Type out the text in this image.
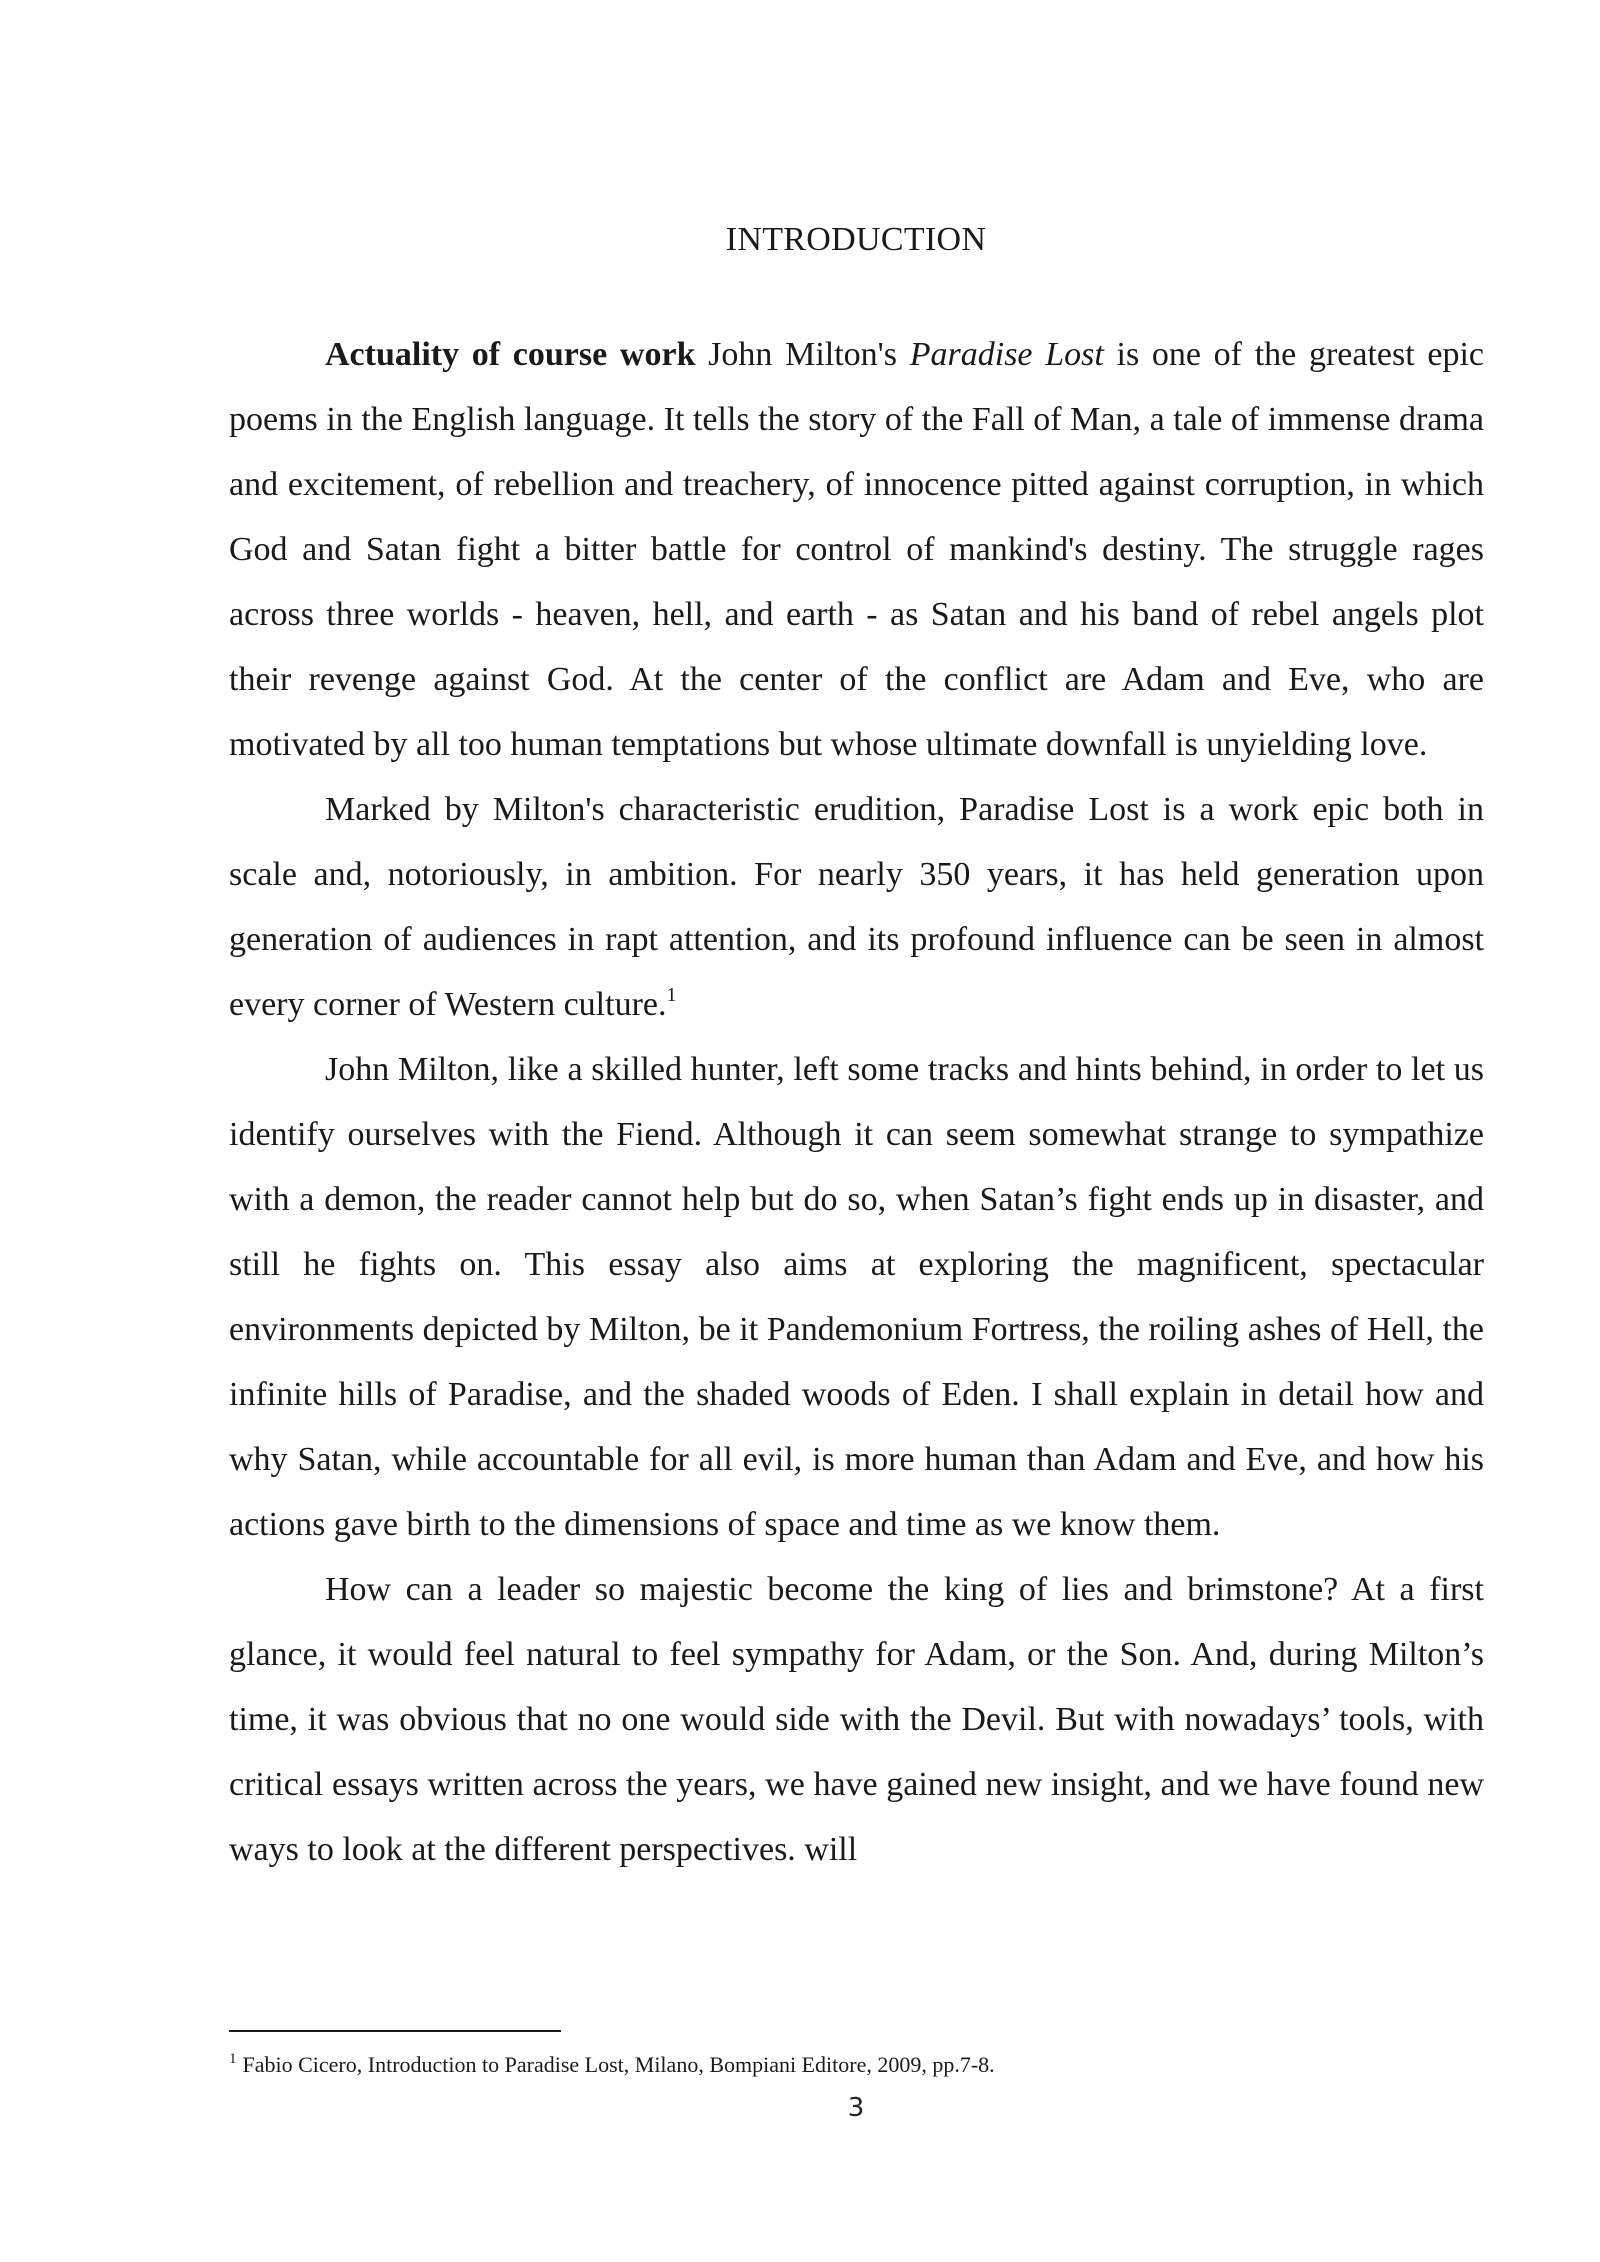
INTRODUCTION

Actuality of course work John Milton's Paradise Lost is one of the greatest epic poems in the English language. It tells the story of the Fall of Man, a tale of immense drama and excitement, of rebellion and treachery, of innocence pitted against corruption, in which God and Satan fight a bitter battle for control of mankind's destiny. The struggle rages across three worlds - heaven, hell, and earth - as Satan and his band of rebel angels plot their revenge against God. At the center of the conflict are Adam and Eve, who are motivated by all too human temptations but whose ultimate downfall is unyielding love.

Marked by Milton's characteristic erudition, Paradise Lost is a work epic both in scale and, notoriously, in ambition. For nearly 350 years, it has held generation upon generation of audiences in rapt attention, and its profound influence can be seen in almost every corner of Western culture.$^1$

John Milton, like a skilled hunter, left some tracks and hints behind, in order to let us identify ourselves with the Fiend. Although it can seem somewhat strange to sympathize with a demon, the reader cannot help but do so, when Satan’s fight ends up in disaster, and still he fights on. This essay also aims at exploring the magnificent, spectacular environments depicted by Milton, be it Pandemonium Fortress, the roiling ashes of Hell, the infinite hills of Paradise, and the shaded woods of Eden. I shall explain in detail how and why Satan, while accountable for all evil, is more human than Adam and Eve, and how his actions gave birth to the dimensions of space and time as we know them.

How can a leader so majestic become the king of lies and brimstone? At a first glance, it would feel natural to feel sympathy for Adam, or the Son. And, during Milton’s time, it was obvious that no one would side with the Devil. But with nowadays’ tools, with critical essays written across the years, we have gained new insight, and we have found new ways to look at the different perspectives. will

$^1$ Fabio Cicero, Introduction to Paradise Lost, Milano, Bompiani Editore, 2009, pp.7-8.
3
